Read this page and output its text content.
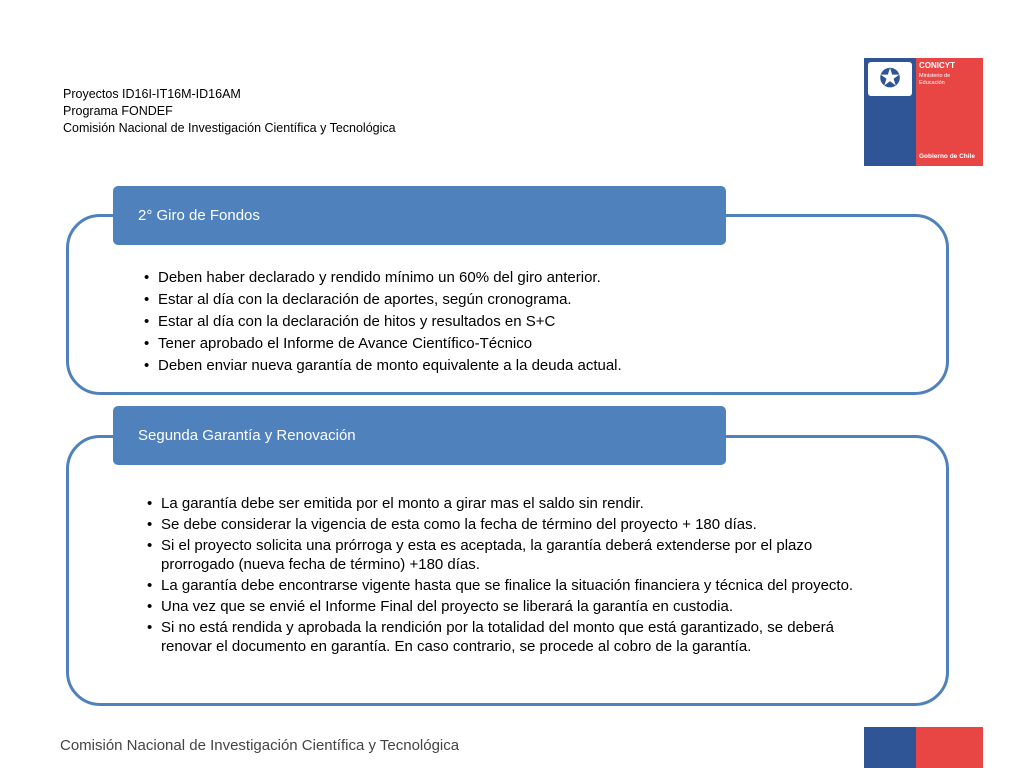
Proyectos ID16I-IT16M-ID16AM
Programa FONDEF
Comisión Nacional de Investigación Científica y Tecnológica
✪	CONICYT
Ministerio de
Educación
Gobierno de Chile
2° Giro de Fondos
• Deben haber declarado y rendido mínimo un 60% del giro anterior.
• Estar al día con la declaración de aportes, según cronograma.
• Estar al día con la declaración de hitos y resultados en S+C
• Tener aprobado el Informe de Avance Científico-Técnico
• Deben enviar nueva garantía de monto equivalente a la deuda actual.
Segunda Garantía y Renovación
• La garantía debe ser emitida por el monto a girar mas el saldo sin rendir.
• Se debe considerar la vigencia de esta como la fecha de término del proyecto + 180 días.
• Si el proyecto solicita una prórroga y esta es aceptada, la garantía deberá extenderse por el plazo prorrogado (nueva fecha de término) +180 días.
• La garantía debe encontrarse vigente hasta que se finalice la situación financiera y técnica del proyecto.
• Una vez que se envié el Informe Final del proyecto se liberará la garantía en custodia.
• Si no está rendida y aprobada la rendición por la totalidad del monto que está garantizado, se deberá renovar el documento en garantía. En caso contrario, se procede al cobro de la garantía.
Comisión Nacional de Investigación Científica y Tecnológica
